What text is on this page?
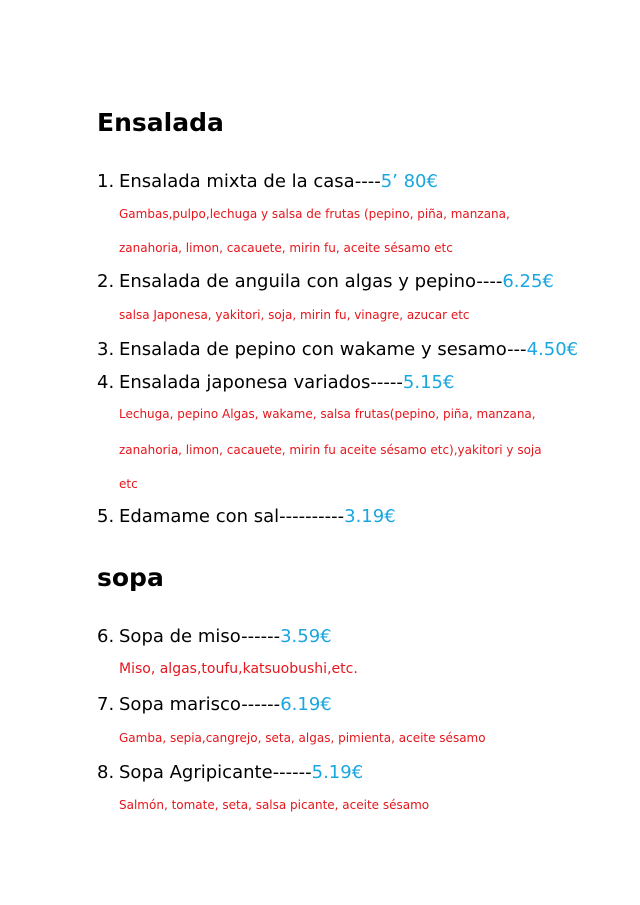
Ensalada
1. Ensalada mixta de la casa----5’ 80€
Gambas,pulpo,lechuga y salsa de frutas (pepino, piña, manzana,
zanahoria, limon, cacauete, mirin fu, aceite sésamo etc
2. Ensalada de anguila con algas y pepino----6.25€
salsa Japonesa, yakitori, soja, mirin fu, vinagre, azucar etc
3. Ensalada de pepino con wakame y sesamo---4.50€
4. Ensalada japonesa variados-----5.15€
Lechuga, pepino Algas, wakame, salsa frutas(pepino, piña, manzana,
zanahoria, limon, cacauete, mirin fu aceite sésamo etc),yakitori y soja
etc
5. Edamame con sal----------3.19€
sopa
6. Sopa de miso------3.59€
Miso, algas,toufu,katsuobushi,etc.
7. Sopa marisco------6.19€
Gamba, sepia,cangrejo, seta, algas, pimienta, aceite sésamo
8. Sopa Agripicante------5.19€
Salmón, tomate, seta, salsa picante, aceite sésamo
